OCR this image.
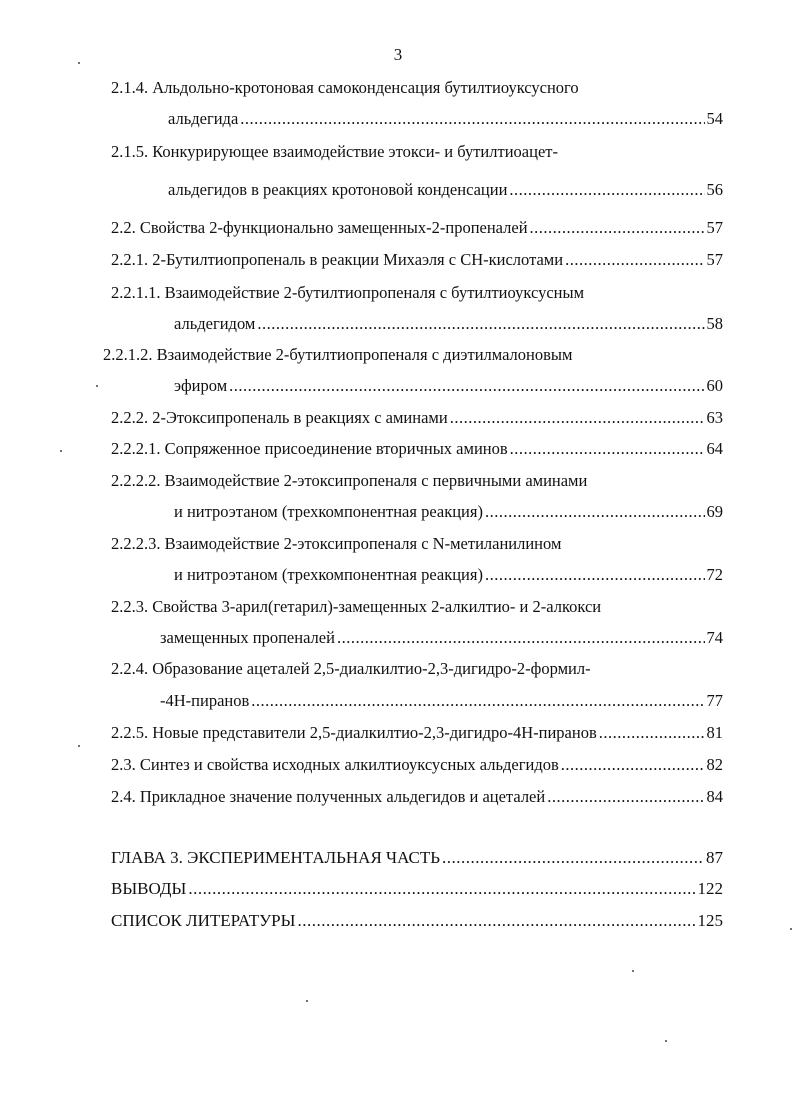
3
2.1.4. Альдольно-кротоновая самоконденсация бутилтиоуксусного
альдегида .....	54
2.1.5. Конкурирующее взаимодействие этокси- и бутилтиоацет-
альдегидов в реакциях кротоновой конденсации .....	56
2.2. Свойства 2-функционально замещенных-2-пропеналей .....	57
2.2.1. 2-Бутилтиопропеналь в реакции Михаэля с CH-кислотами .....	57
2.2.1.1. Взаимодействие 2-бутилтиопропеналя с бутилтиоуксусным
альдегидом .....	58
2.2.1.2. Взаимодействие 2-бутилтиопропеналя с диэтилмалоновым
эфиром .....	60
2.2.2. 2-Этоксипропеналь в реакциях с аминами .....	63
2.2.2.1. Сопряженное присоединение вторичных аминов .....	64
2.2.2.2. Взаимодействие 2-этоксипропеналя с первичными аминами
и нитроэтаном (трехкомпонентная реакция) .....	69
2.2.2.3. Взаимодействие 2-этоксипропеналя с N-метиланилином
и нитроэтаном (трехкомпонентная реакция) .....	72
2.2.3. Свойства 3-арил(гетарил)-замещенных 2-алкилтио- и 2-алкокси
замещенных пропеналей .....	74
2.2.4. Образование ацеталей 2,5-диалкилтио-2,3-дигидро-2-формил-
-4H-пиранов .....	77
2.2.5. Новые представители 2,5-диалкилтио-2,3-дигидро-4H-пиранов .....	81
2.3. Синтез и свойства исходных алкилтиоуксусных альдегидов .....	82
2.4. Прикладное значение полученных альдегидов и ацеталей .....	84
ГЛАВА 3. ЭКСПЕРИМЕНТАЛЬНАЯ ЧАСТЬ .....	87
ВЫВОДЫ .....	122
СПИСОК ЛИТЕРАТУРЫ .....	125
